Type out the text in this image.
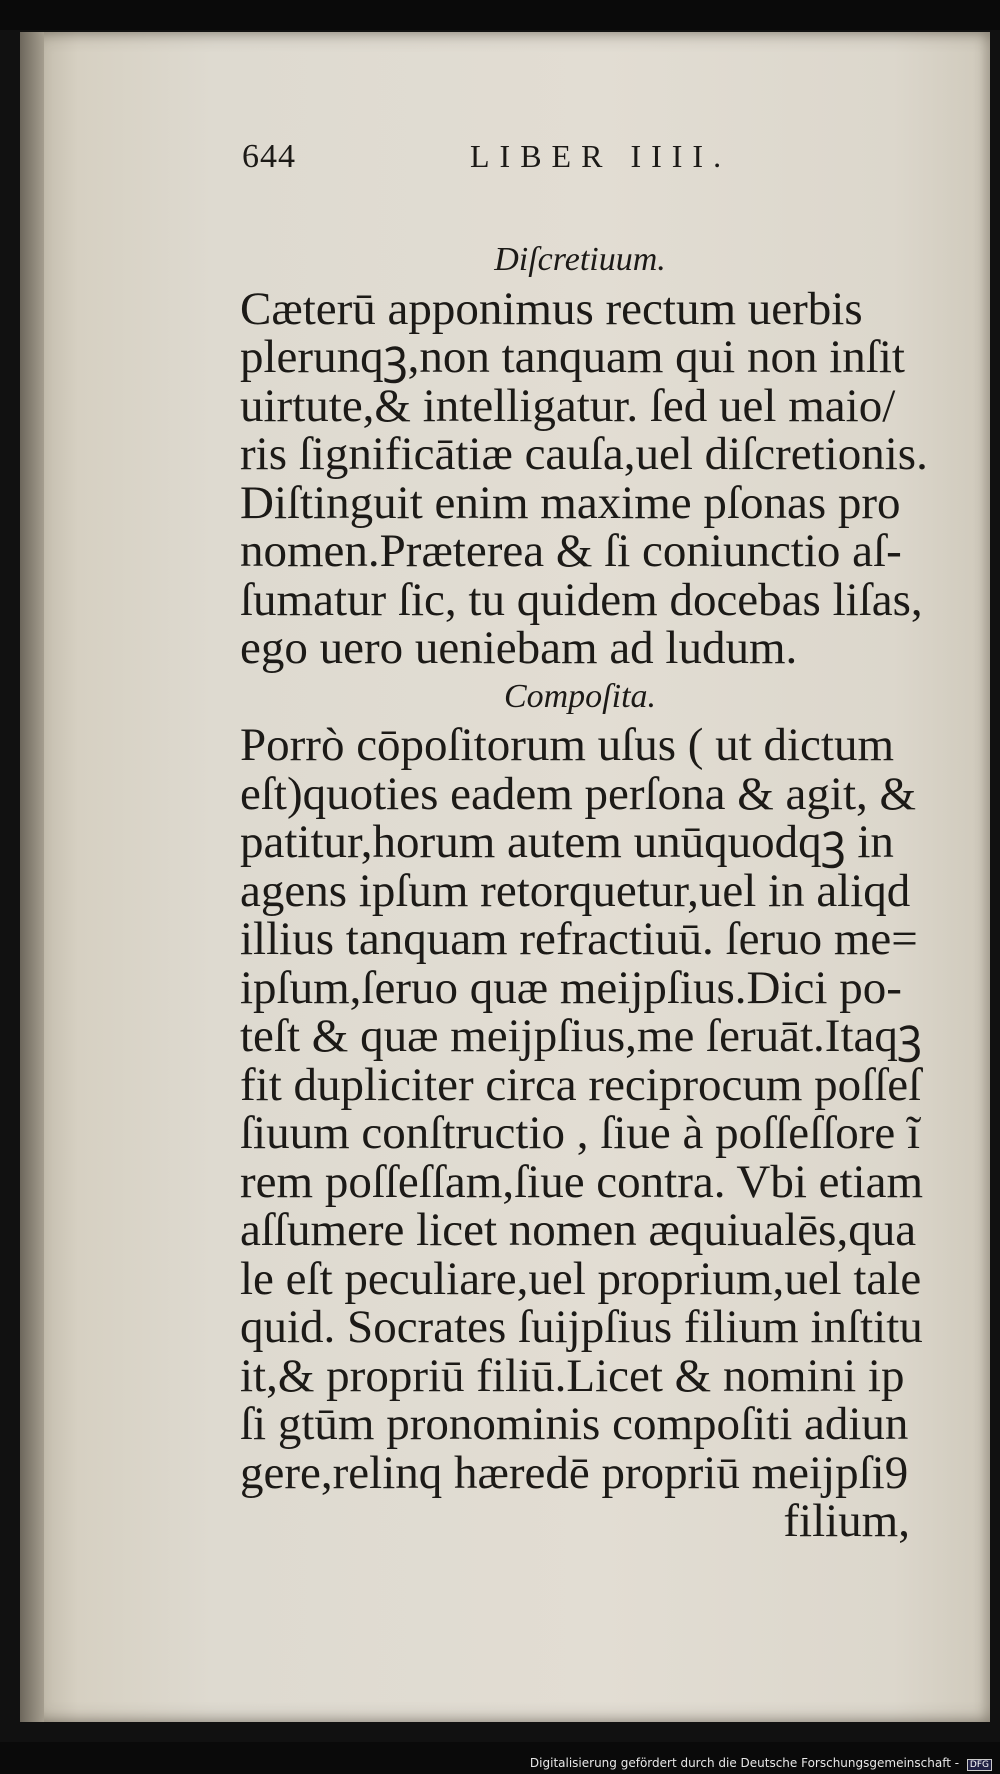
644	LIBER IIII.
Diſcretiuum.
Cæterū apponimus rectum uerbis
plerunqꝫ,non tanquam qui non inſit
uirtute,& intelligatur. ſed uel maio/
ris ſignificātiæ cauſa,uel diſcretionis.
Diſtinguit enim maxime pſonas pro
nomen.Præterea & ſi coniunctio aſ-
ſumatur ſic, tu quidem docebas liſas,
ego uero ueniebam ad ludum.
Compoſita.
Porrò cōpoſitorum uſus ( ut dictum
eſt)quoties eadem perſona & agit, &
patitur,horum autem unūquodqꝫ in
agens ipſum retorquetur,uel in aliqd
illius tanquam refractiuū. ſeruo me=
ipſum,ſeruo quæ meijpſius.Dici po-
teſt & quæ meijpſius,me ſeruāt.Itaqꝫ
fit dupliciter circa reciprocum poſſeſ
ſiuum conſtructio , ſiue à poſſeſſore ĩ
rem poſſeſſam,ſiue contra. Vbi etiam
aſſumere licet nomen æquiualēs,qua
le eſt peculiare,uel proprium,uel tale
quid. Socrates ſuijpſius filium inſtitu
it,& propriū filiū.Licet & nomini ip
ſi gtūm pronominis compoſiti adiun
gere,relinq hæredē propriū meijpſi9
filium,
Digitalisierung gefördert durch die Deutsche Forschungsgemeinschaft - DFG
